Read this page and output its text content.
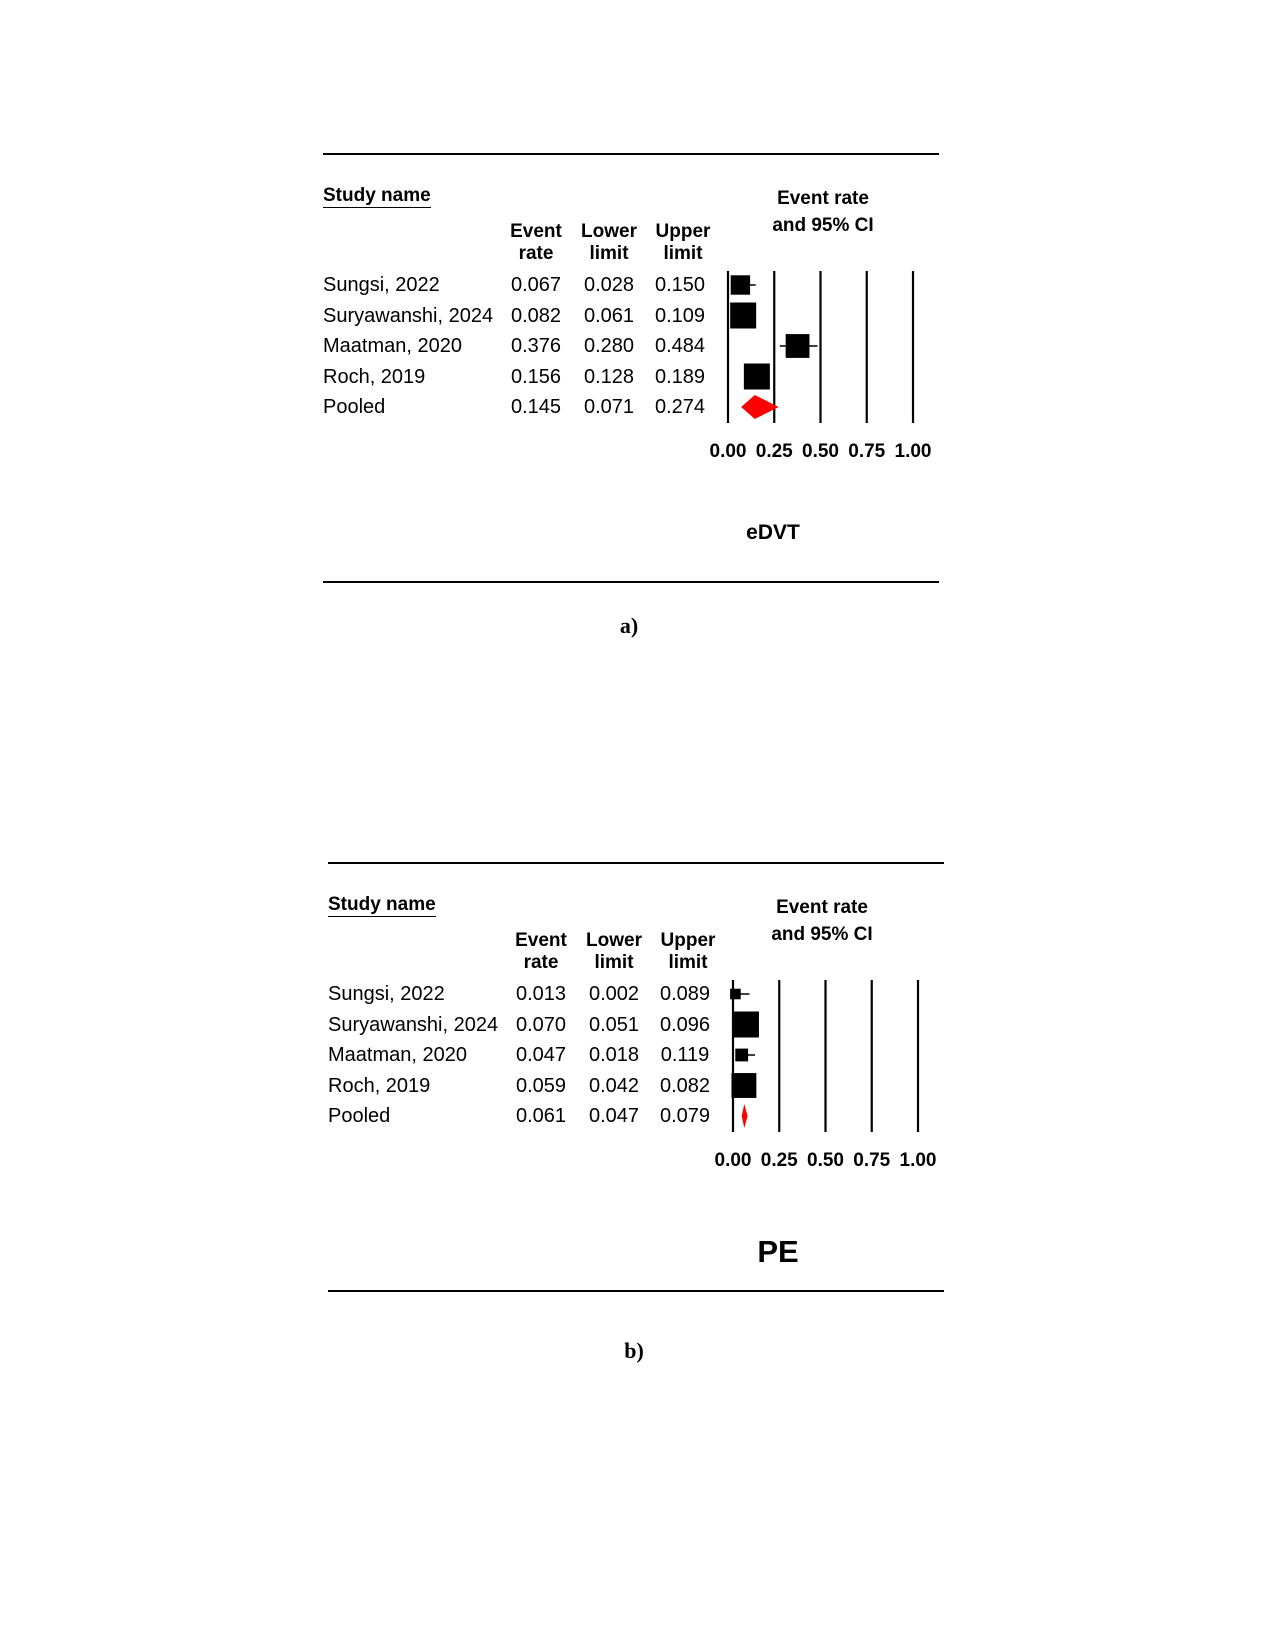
Study name
Event
rate
Lower
limit
Upper
limit
Event rate
and 95% CI
Sungsi, 2022	0.067	0.028	0.150
Suryawanshi, 2024 0.082	0.061	0.109
Maatman, 2020	0.376	0.280	0.484
Roch, 2019	0.156	0.128	0.189
Pooled	0.145	0.071	0.274
0.00 0.25 0.50 0.75 1.00
eDVT
a)
Study name
Event
rate
Lower
limit
Upper
limit
Event rate
and 95% CI
Sungsi, 2022	0.013	0.002	0.089
Suryawanshi, 2024 0.070	0.051	0.096
Maatman, 2020	0.047	0.018	0.119
Roch, 2019	0.059	0.042	0.082
Pooled	0.061	0.047	0.079
0.00 0.25 0.50 0.75 1.00
PE
b)
